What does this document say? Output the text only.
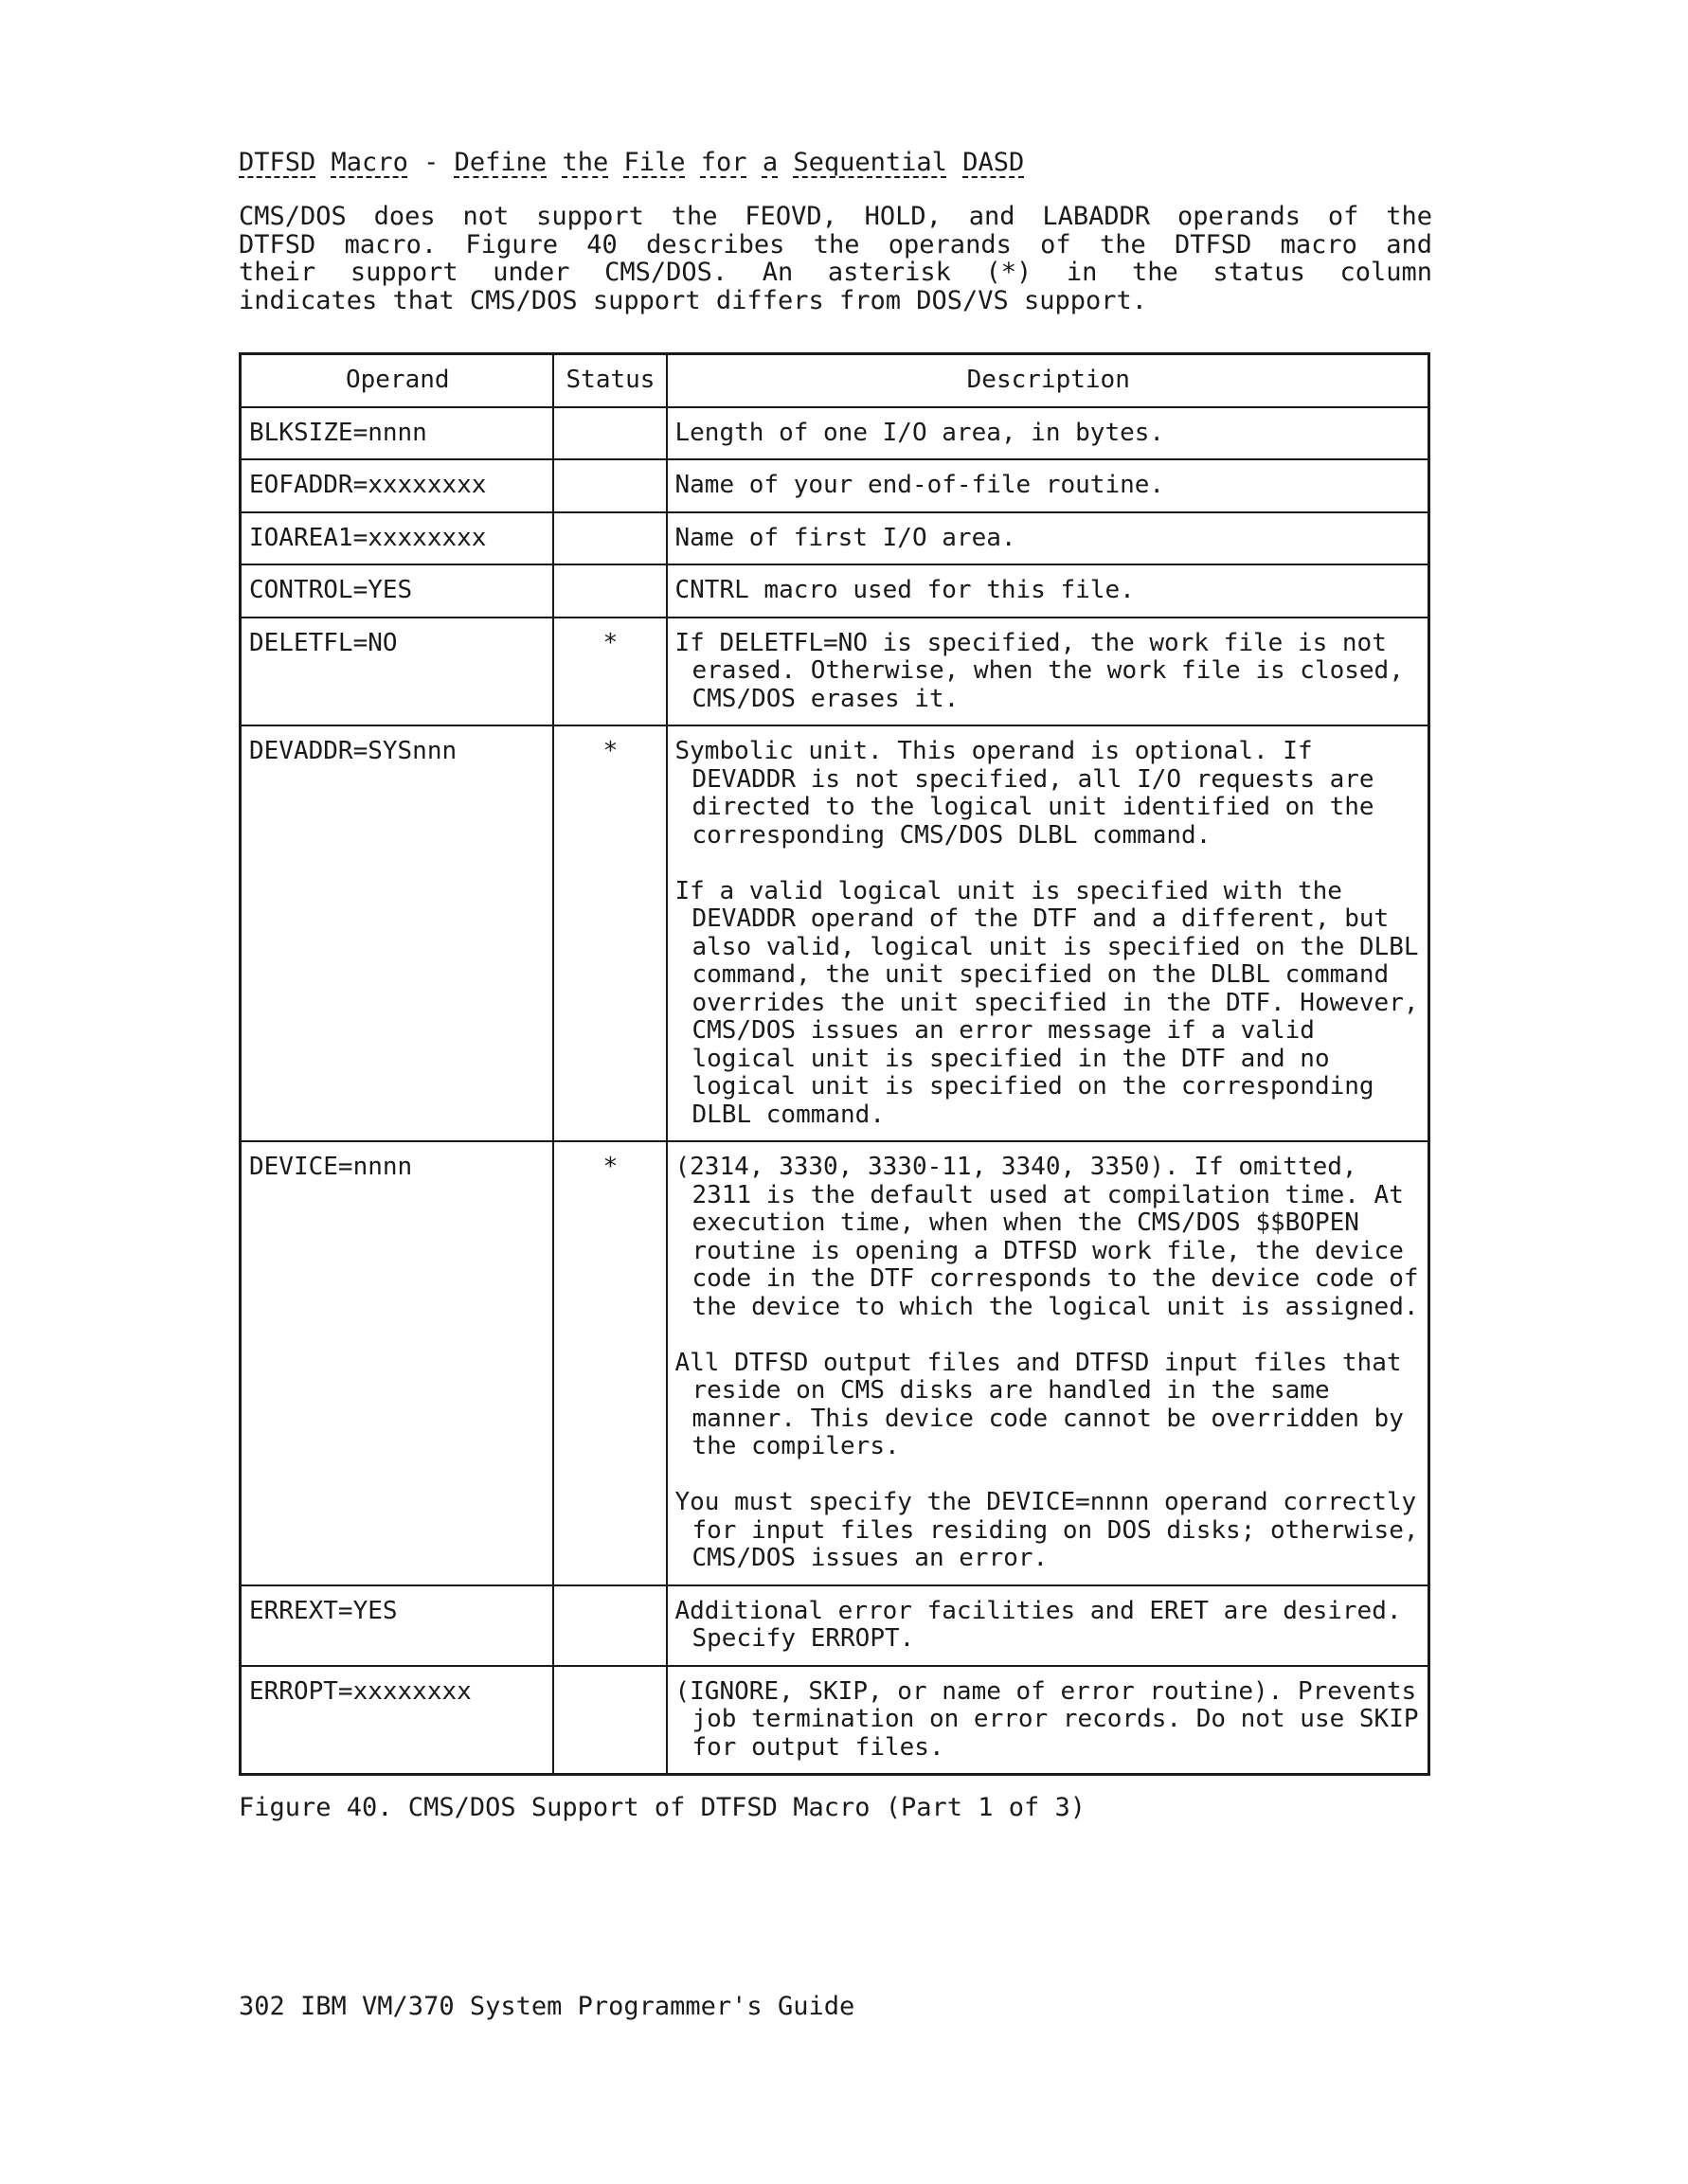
DTFSD Macro - Define the File for a Sequential DASD
CMS/DOS does not support the FEOVD, HOLD, and LABADDR operands of the
DTFSD macro. Figure 40 describes the operands of the DTFSD macro and
their support under CMS/DOS. An asterisk (*) in the status column
indicates that CMS/DOS support differs from DOS/VS support.
Operand	Status	Description
BLKSIZE=nnnn		Length of one I/O area, in bytes.

EOFADDR=xxxxxxxx		Name of your end-of-file routine.

IOAREA1=xxxxxxxx		Name of first I/O area.

CONTROL=YES		CNTRL macro used for this file.

DELETFL=NO	*	If DELETFL=NO is specified, the work file is not erased. Otherwise, when the work file is closed, CMS/DOS erases it.

DEVADDR=SYSnnn	*	Symbolic unit. This operand is optional. If DEVADDR is not specified, all I/O requests are directed to the logical unit identified on the corresponding CMS/DOS DLBL command.
If a valid logical unit is specified with the DEVADDR operand of the DTF and a different, but also valid, logical unit is specified on the DLBL command, the unit specified on the DLBL command overrides the unit specified in the DTF. However, CMS/DOS issues an error message if a valid logical unit is specified in the DTF and no logical unit is specified on the corresponding DLBL command.

DEVICE=nnnn	*	(2314, 3330, 3330-11, 3340, 3350). If omitted, 2311 is the default used at compilation time. At execution time, when when the CMS/DOS $$BOPEN routine is opening a DTFSD work file, the device code in the DTF corresponds to the device code of the device to which the logical unit is assigned.
All DTFSD output files and DTFSD input files that reside on CMS disks are handled in the same manner. This device code cannot be overridden by the compilers.
You must specify the DEVICE=nnnn operand correctly for input files residing on DOS disks; otherwise, CMS/DOS issues an error.

ERREXT=YES		Additional error facilities and ERET are desired. Specify ERROPT.

ERROPT=xxxxxxxx		(IGNORE, SKIP, or name of error routine). Prevents job termination on error records. Do not use SKIP for output files.
Figure 40. CMS/DOS Support of DTFSD Macro (Part 1 of 3)
302 IBM VM/370 System Programmer's Guide
